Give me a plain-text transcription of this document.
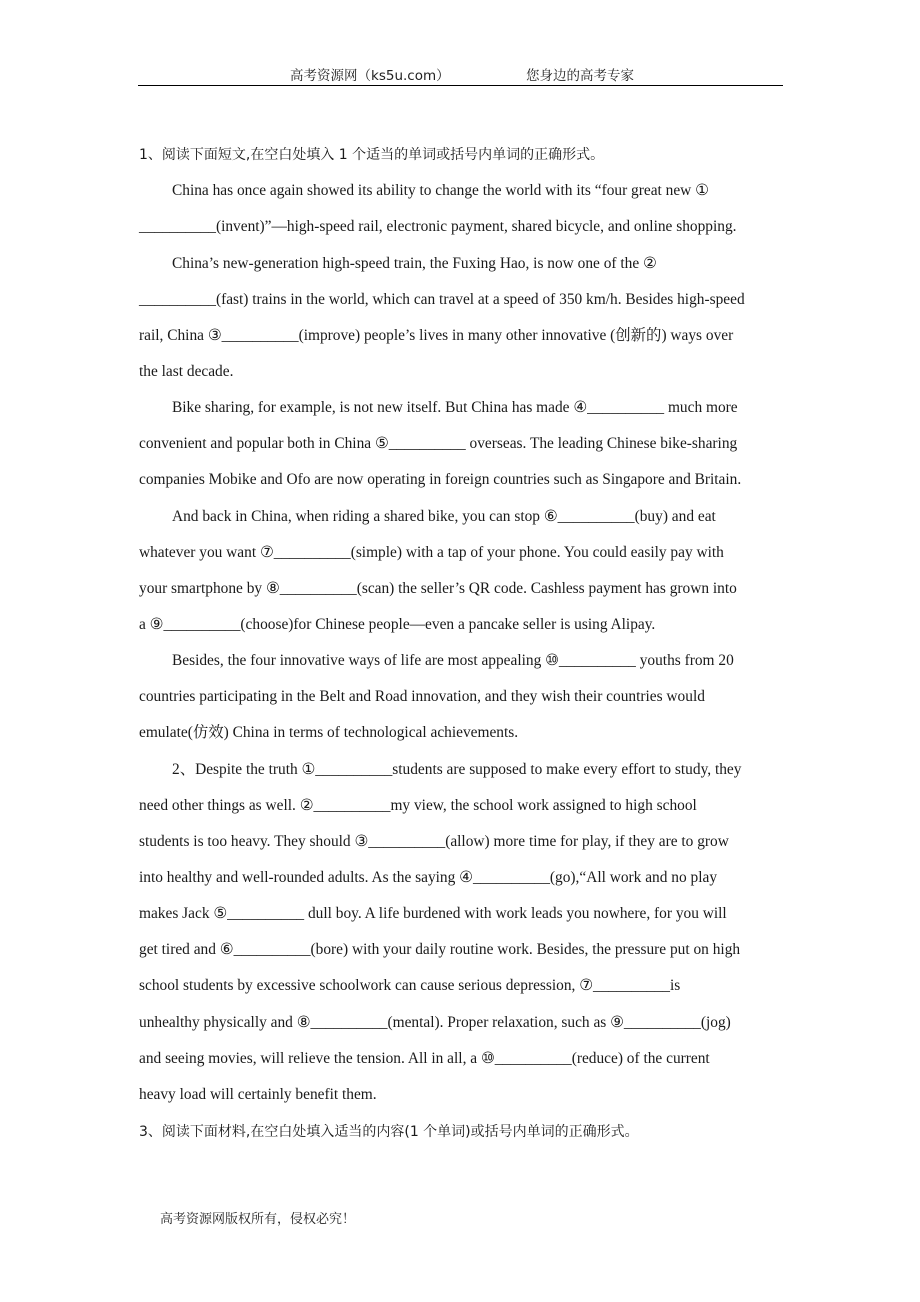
高考资源网（ks5u.com）	您身边的高考专家
1、阅读下面短文,在空白处填入 1 个适当的单词或括号内单词的正确形式。
China has once again showed its ability to change the world with its “four great new ①
__________(invent)”—high-speed rail, electronic payment, shared bicycle, and online shopping.
China’s new-generation high-speed train, the Fuxing Hao, is now one of the ②
__________(fast) trains in the world, which can travel at a speed of 350 km/h. Besides high-speed
rail, China ③__________(improve) people’s lives in many other innovative (创新的) ways over
the last decade.
Bike sharing, for example, is not new itself. But China has made ④__________ much more
convenient and popular both in China ⑤__________ overseas. The leading Chinese bike-sharing
companies Mobike and Ofo are now operating in foreign countries such as Singapore and Britain.
And back in China, when riding a shared bike, you can stop ⑥__________(buy) and eat
whatever you want ⑦__________(simple) with a tap of your phone. You could easily pay with
your smartphone by ⑧__________(scan) the seller’s QR code. Cashless payment has grown into
a ⑨__________(choose)for Chinese people—even a pancake seller is using Alipay.
Besides, the four innovative ways of life are most appealing ⑩__________ youths from 20
countries participating in the Belt and Road innovation, and they wish their countries would
emulate(仿效) China in terms of technological achievements.
2、Despite the truth ①__________students are supposed to make every effort to study, they
need other things as well. ②__________my view, the school work assigned to high school
students is too heavy. They should ③__________(allow) more time for play, if they are to grow
into healthy and well-rounded adults. As the saying ④__________(go),“All work and no play
makes Jack ⑤__________ dull boy. A life burdened with work leads you nowhere, for you will
get tired and ⑥__________(bore) with your daily routine work. Besides, the pressure put on high
school students by excessive schoolwork can cause serious depression, ⑦__________is
unhealthy physically and ⑧__________(mental). Proper relaxation, such as ⑨__________(jog)
and seeing movies, will relieve the tension. All in all, a ⑩__________(reduce) of the current
heavy load will certainly benefit them.
3、阅读下面材料,在空白处填入适当的内容(1 个单词)或括号内单词的正确形式。
高考资源网版权所有，侵权必究！
